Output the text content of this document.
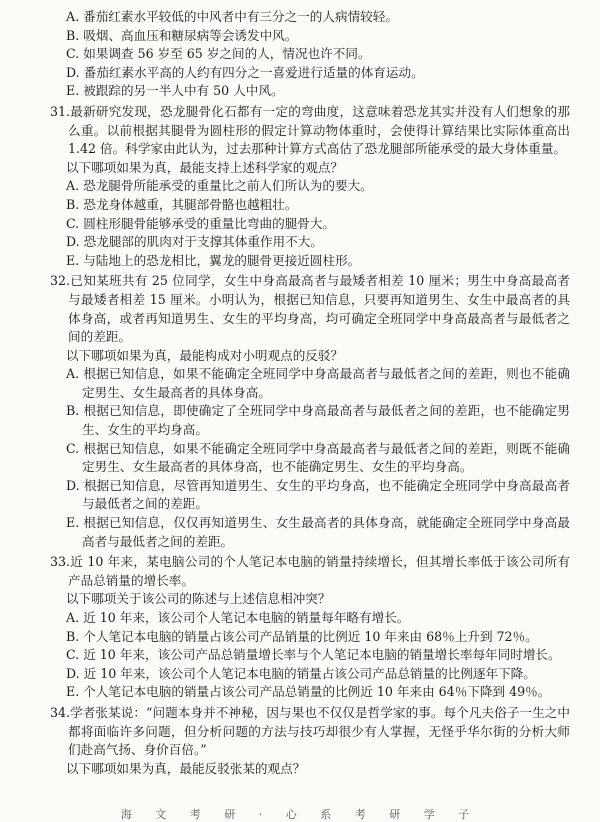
A. 番茄红素水平较低的中风者中有三分之一的人病情较轻。
B. 吸烟、高血压和糖尿病等会诱发中风。
C. 如果调查 56 岁至 65 岁之间的人，情况也许不同。
D. 番茄红素水平高的人约有四分之一喜爱进行适量的体育运动。
E. 被跟踪的另一半人中有 50 人中风。
31.最新研究发现，恐龙腿骨化石都有一定的弯曲度，这意味着恐龙其实并没有人们想象的那么重。以前根据其腿骨为圆柱形的假定计算动物体重时，会使得计算结果比实际体重高出 1.42 倍。科学家由此认为，过去那种计算方式高估了恐龙腿部所能承受的最大身体重量。
以下哪项如果为真，最能支持上述科学家的观点？
A. 恐龙腿骨所能承受的重量比之前人们所认为的要大。
B. 恐龙身体越重，其腿部骨骼也越粗壮。
C. 圆柱形腿骨能够承受的重量比弯曲的腿骨大。
D. 恐龙腿部的肌肉对于支撑其体重作用不大。
E. 与陆地上的恐龙相比，翼龙的腿骨更接近圆柱形。
32.已知某班共有 25 位同学，女生中身高最高者与最矮者相差 10 厘米；男生中身高最高者与最矮者相差 15 厘米。小明认为，根据已知信息，只要再知道男生、女生中最高者的具体身高，或者再知道男生、女生的平均身高，均可确定全班同学中身高最高者与最低者之间的差距。
以下哪项如果为真，最能构成对小明观点的反驳？
A. 根据已知信息，如果不能确定全班同学中身高最高者与最低者之间的差距，则也不能确定男生、女生最高者的具体身高。
B. 根据已知信息，即使确定了全班同学中身高最高者与最低者之间的差距，也不能确定男生、女生的平均身高。
C. 根据已知信息，如果不能确定全班同学中身高最高者与最低者之间的差距，则既不能确定男生、女生最高者的具体身高，也不能确定男生、女生的平均身高。
D. 根据已知信息，尽管再知道男生、女生的平均身高，也不能确定全班同学中身高最高者与最低者之间的差距。
E. 根据已知信息，仅仅再知道男生、女生最高者的具体身高，就能确定全班同学中身高最高者与最低者之间的差距。
33.近 10 年来，某电脑公司的个人笔记本电脑的销量持续增长，但其增长率低于该公司所有产品总销量的增长率。
以下哪项关于该公司的陈述与上述信息相冲突？
A. 近 10 年来，该公司个人笔记本电脑的销量每年略有增长。
B. 个人笔记本电脑的销量占该公司产品销量的比例近 10 年来由 68％上升到 72％。
C. 近 10 年来，该公司产品总销量增长率与个人笔记本电脑的销量增长率每年同时增长。
D. 近 10 年来，该公司个人笔记本电脑的销量占该公司产品总销量的比例逐年下降。
E. 个人笔记本电脑的销量占该公司产品总销量的比例近 10 年来由 64％下降到 49％。
34.学者张某说：“问题本身并不神秘，因与果也不仅仅是哲学家的事。每个凡夫俗子一生之中都将面临许多问题，但分析问题的方法与技巧却很少有人掌握，无怪乎华尔街的分析大师们赴高气扬、身价百倍。”
以下哪项如果为真，最能反驳张某的观点？
海 文 考 研 · 心 系 考 研 学 子
